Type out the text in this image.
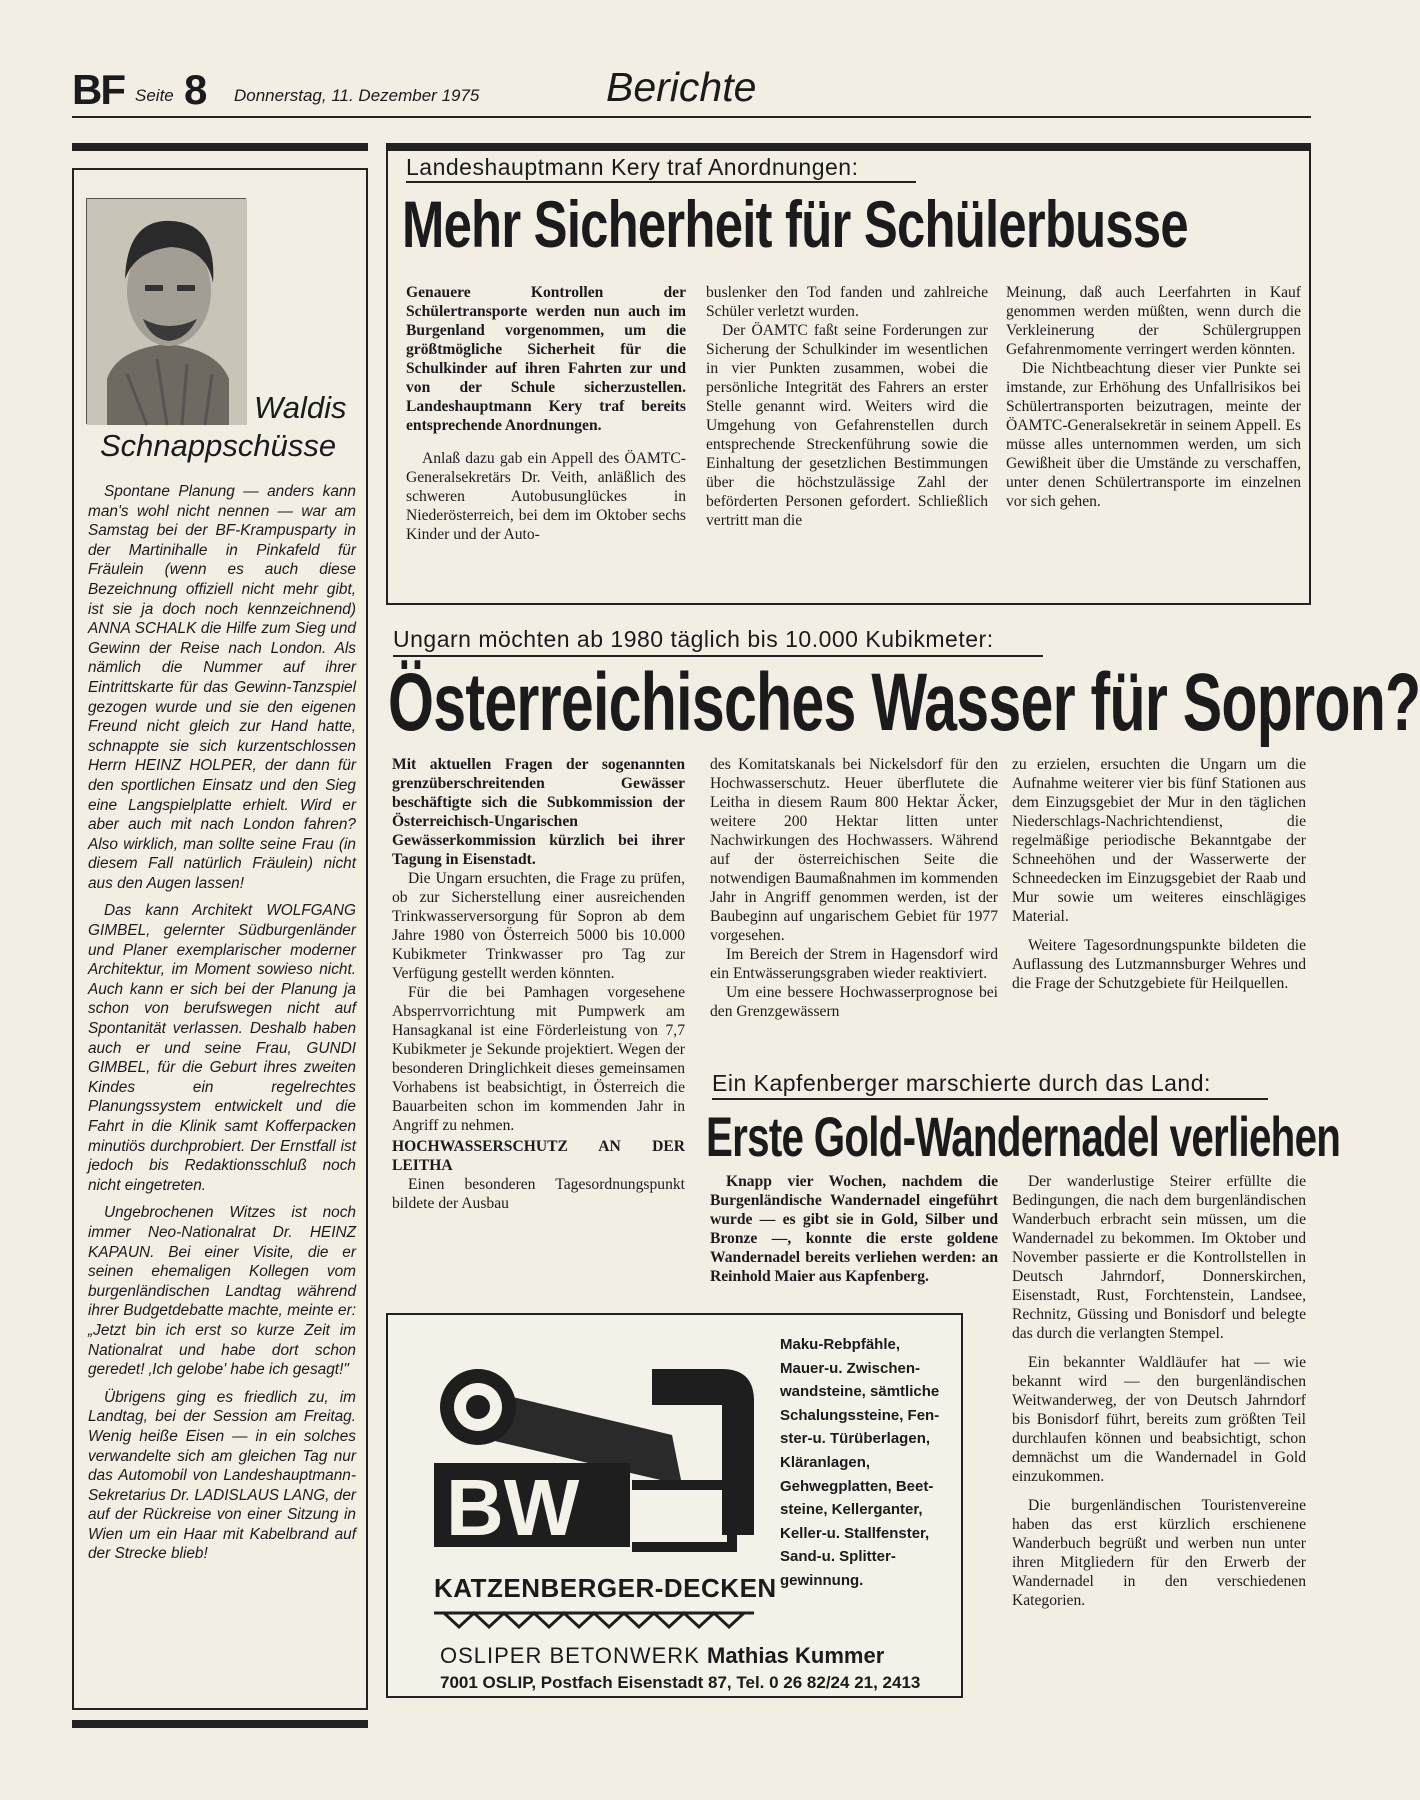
BF Seite 8 Donnerstag, 11. Dezember 1975	Berichte
Waldis
Schnappschüsse

Spontane Planung — anders kann man's wohl nicht nennen — war am Samstag bei der BF-Krampusparty in der Martinihalle in Pinkafeld für Fräulein (wenn es auch diese Bezeichnung offiziell nicht mehr gibt, ist sie ja doch noch kennzeichnend) ANNA SCHALK die Hilfe zum Sieg und Gewinn der Reise nach London. Als nämlich die Nummer auf ihrer Eintrittskarte für das Gewinn-Tanzspiel gezogen wurde und sie den eigenen Freund nicht gleich zur Hand hatte, schnappte sie sich kurzentschlossen Herrn HEINZ HOLPER, der dann für den sportlichen Einsatz und den Sieg eine Langspielplatte erhielt. Wird er aber auch mit nach London fahren? Also wirklich, man sollte seine Frau (in diesem Fall natürlich Fräulein) nicht aus den Augen lassen!

Das kann Architekt WOLFGANG GIMBEL, gelernter Südburgenländer und Planer exemplarischer moderner Architektur, im Moment sowieso nicht. Auch kann er sich bei der Planung ja schon von berufswegen nicht auf Spontanität verlassen. Deshalb haben auch er und seine Frau, GUNDI GIMBEL, für die Geburt ihres zweiten Kindes ein regelrechtes Planungssystem entwickelt und die Fahrt in die Klinik samt Kofferpacken minutiös durchprobiert. Der Ernstfall ist jedoch bis Redaktionsschluß noch nicht eingetreten.

Ungebrochenen Witzes ist noch immer Neo-Nationalrat Dr. HEINZ KAPAUN. Bei einer Visite, die er seinen ehemaligen Kollegen vom burgenländischen Landtag während ihrer Budgetdebatte machte, meinte er: „Jetzt bin ich erst so kurze Zeit im Nationalrat und habe dort schon geredet! ‚Ich gelobe' habe ich gesagt!"

Übrigens ging es friedlich zu, im Landtag, bei der Session am Freitag. Wenig heiße Eisen — in ein solches verwandelte sich am gleichen Tag nur das Automobil von Landeshauptmann-Sekretarius Dr. LADISLAUS LANG, der auf der Rückreise von einer Sitzung in Wien um ein Haar mit Kabelbrand auf der Strecke blieb!

Landeshauptmann Kery traf Anordnungen:
Mehr Sicherheit für Schülerbusse

Genauere Kontrollen der Schülertransporte werden nun auch im Burgenland vorgenommen, um die größtmögliche Sicherheit für die Schulkinder auf ihren Fahrten zur und von der Schule sicherzustellen. Landeshauptmann Kery traf bereits entsprechende Anordnungen.

Anlaß dazu gab ein Appell des ÖAMTC-Generalsekretärs Dr. Veith, anläßlich des schweren Autobusunglückes in Niederösterreich, bei dem im Oktober sechs Kinder und der Auto-

buslenker den Tod fanden und zahlreiche Schüler verletzt wurden.

Der ÖAMTC faßt seine Forderungen zur Sicherung der Schulkinder im wesentlichen in vier Punkten zusammen, wobei die persönliche Integrität des Fahrers an erster Stelle genannt wird. Weiters wird die Umgehung von Gefahrenstellen durch entsprechende Streckenführung sowie die Einhaltung der gesetzlichen Bestimmungen über die höchstzulässige Zahl der beförderten Personen gefordert. Schließlich vertritt man die

Meinung, daß auch Leerfahrten in Kauf genommen werden müßten, wenn durch die Verkleinerung der Schülergruppen Gefahrenmomente verringert werden könnten.

Die Nichtbeachtung dieser vier Punkte sei imstande, zur Erhöhung des Unfallrisikos bei Schülertransporten beizutragen, meinte der ÖAMTC-Generalsekretär in seinem Appell. Es müsse alles unternommen werden, um sich Gewißheit über die Umstände zu verschaffen, unter denen Schülertransporte im einzelnen vor sich gehen.

Ungarn möchten ab 1980 täglich bis 10.000 Kubikmeter:
Österreichisches Wasser für Sopron?

Mit aktuellen Fragen der sogenannten grenzüberschreitenden Gewässer beschäftigte sich die Subkommission der Österreichisch-Ungarischen Gewässerkommission kürzlich bei ihrer Tagung in Eisenstadt.

Die Ungarn ersuchten, die Frage zu prüfen, ob zur Sicherstellung einer ausreichenden Trinkwasserversorgung für Sopron ab dem Jahre 1980 von Österreich 5000 bis 10.000 Kubikmeter Trinkwasser pro Tag zur Verfügung gestellt werden könnten.

Für die bei Pamhagen vorgesehene Absperrvorrichtung mit Pumpwerk am Hansagkanal ist eine Förderleistung von 7,7 Kubikmeter je Sekunde projektiert. Wegen der besonderen Dringlichkeit dieses gemeinsamen Vorhabens ist beabsichtigt, in Österreich die Bauarbeiten schon im kommenden Jahr in Angriff zu nehmen.

HOCHWASSERSCHUTZ AN DER LEITHA

Einen besonderen Tagesordnungspunkt bildete der Ausbau

des Komitatskanals bei Nickelsdorf für den Hochwasserschutz. Heuer überflutete die Leitha in diesem Raum 800 Hektar Äcker, weitere 200 Hektar litten unter Nachwirkungen des Hochwassers. Während auf der österreichischen Seite die notwendigen Baumaßnahmen im kommenden Jahr in Angriff genommen werden, ist der Baubeginn auf ungarischem Gebiet für 1977 vorgesehen.

Im Bereich der Strem in Hagensdorf wird ein Entwässerungsgraben wieder reaktiviert.

Um eine bessere Hochwasserprognose bei den Grenzgewässern

zu erzielen, ersuchten die Ungarn um die Aufnahme weiterer vier bis fünf Stationen aus dem Einzugsgebiet der Mur in den täglichen Niederschlags-Nachrichtendienst, die regelmäßige periodische Bekanntgabe der Schneehöhen und der Wasserwerte der Schneedecken im Einzugsgebiet der Raab und Mur sowie um weiteres einschlägiges Material.

Weitere Tagesordnungspunkte bildeten die Auflassung des Lutzmannsburger Wehres und die Frage der Schutzgebiete für Heilquellen.

Ein Kapfenberger marschierte durch das Land:
Erste Gold-Wandernadel verliehen

Knapp vier Wochen, nachdem die Burgenländische Wandernadel eingeführt wurde — es gibt sie in Gold, Silber und Bronze —, konnte die erste goldene Wandernadel bereits verliehen werden: an Reinhold Maier aus Kapfenberg.

Der wanderlustige Steirer erfüllte die Bedingungen, die nach dem burgenländischen Wanderbuch erbracht sein müssen, um die Wandernadel zu bekommen. Im Oktober und November passierte er die Kontrollstellen in Deutsch Jahrndorf, Donnerskirchen, Eisenstadt, Rust, Forchtenstein, Landsee, Rechnitz, Güssing und Bonisdorf und belegte das durch die verlangten Stempel.

Ein bekannter Waldläufer hat — wie bekannt wird — den burgenländischen Weitwanderweg, der von Deutsch Jahrndorf bis Bonisdorf führt, bereits zum größten Teil durchlaufen können und beabsichtigt, schon demnächst um die Wandernadel in Gold einzukommen.

Die burgenländischen Touristenvereine haben das erst kürzlich erschienene Wanderbuch begrüßt und werben nun unter ihren Mitgliedern für den Erwerb der Wandernadel in den verschiedenen Kategorien.

BW
KATZENBERGER-DECKEN
Maku-Rebpfähle,
Mauer-u. Zwischen-
wandsteine, sämtliche
Schalungssteine, Fen-
ster-u. Türüberlagen,
Kläranlagen,
Gehwegplatten, Beet-
steine, Kellerganter,
Keller-u. Stallfenster,
Sand-u. Splitter-
gewinnung.
OSLIPER BETONWERK Mathias Kummer
7001 OSLIP, Postfach Eisenstadt 87, Tel. 0 26 82/24 21, 2413
